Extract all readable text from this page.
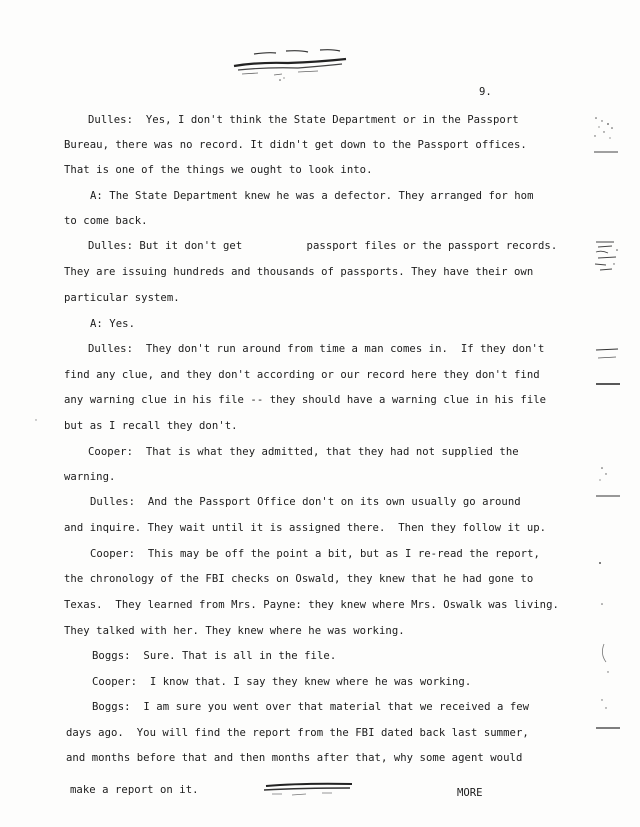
9.
Dulles:  Yes, I don't think the State Department or in the Passport
Bureau, there was no record. It didn't get down to the Passport offices.
That is one of the things we ought to look into.
A: The State Department knew he was a defector. They arranged for hom
to come back.
Dulles: But it don't get          passport files or the passport records.
They are issuing hundreds and thousands of passports. They have their own
particular system.
A: Yes.
Dulles:  They don't run around from time a man comes in.  If they don't
find any clue, and they don't according or our record here they don't find
any warning clue in his file -- they should have a warning clue in his file
but as I recall they don't.
Cooper:  That is what they admitted, that they had not supplied the
warning.
Dulles:  And the Passport Office don't on its own usually go around
and inquire. They wait until it is assigned there.  Then they follow it up.
Cooper:  This may be off the point a bit, but as I re-read the report,
the chronology of the FBI checks on Oswald, they knew that he had gone to
Texas.  They learned from Mrs. Payne: they knew where Mrs. Oswalk was living.
They talked with her. They knew where he was working.
Boggs:  Sure. That is all in the file.
Cooper:  I know that. I say they knew where he was working.
Boggs:  I am sure you went over that material that we received a few
days ago.  You will find the report from the FBI dated back last summer,
and months before that and then months after that, why some agent would
make a report on it.	MORE
